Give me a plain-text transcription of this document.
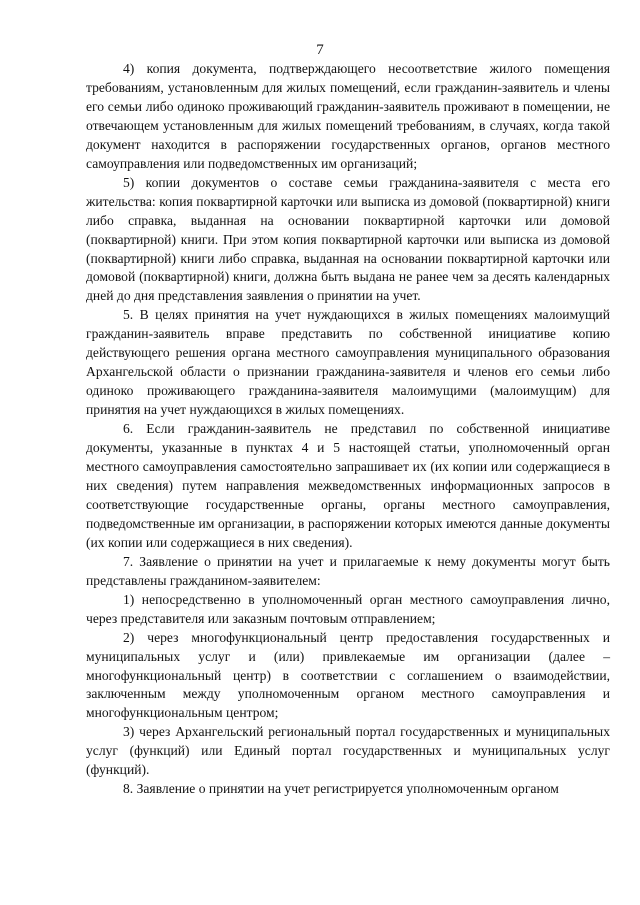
7

4) копия документа, подтверждающего несоответствие жилого помещения требованиям, установленным для жилых помещений, если гражданин-заявитель и члены его семьи либо одиноко проживающий гражданин-заявитель проживают в помещении, не отвечающем установленным для жилых помещений требованиям, в случаях, когда такой документ находится в распоряжении государственных органов, органов местного самоуправления или подведомственных им организаций;

5) копии документов о составе семьи гражданина-заявителя с места его жительства: копия поквартирной карточки или выписка из домовой (поквартирной) книги либо справка, выданная на основании поквартирной карточки или домовой (поквартирной) книги. При этом копия поквартирной карточки или выписка из домовой (поквартирной) книги либо справка, выданная на основании поквартирной карточки или домовой (поквартирной) книги, должна быть выдана не ранее чем за десять календарных дней до дня представления заявления о принятии на учет.

5. В целях принятия на учет нуждающихся в жилых помещениях малоимущий гражданин-заявитель вправе представить по собственной инициативе копию действующего решения органа местного самоуправления муниципального образования Архангельской области о признании гражданина-заявителя и членов его семьи либо одиноко проживающего гражданина-заявителя малоимущими (малоимущим) для принятия на учет нуждающихся в жилых помещениях.

6. Если гражданин-заявитель не представил по собственной инициативе документы, указанные в пунктах 4 и 5 настоящей статьи, уполномоченный орган местного самоуправления самостоятельно запрашивает их (их копии или содержащиеся в них сведения) путем направления межведомственных информационных запросов в соответствующие государственные органы, органы местного самоуправления, подведомственные им организации, в распоряжении которых имеются данные документы (их копии или содержащиеся в них сведения).

7. Заявление о принятии на учет и прилагаемые к нему документы могут быть представлены гражданином-заявителем:

1) непосредственно в уполномоченный орган местного самоуправления лично, через представителя или заказным почтовым отправлением;

2) через многофункциональный центр предоставления государственных и муниципальных услуг и (или) привлекаемые им организации (далее – многофункциональный центр) в соответствии с соглашением о взаимодействии, заключенным между уполномоченным органом местного самоуправления и многофункциональным центром;

3) через Архангельский региональный портал государственных и муниципальных услуг (функций) или Единый портал государственных и муниципальных услуг (функций).

8. Заявление о принятии на учет регистрируется уполномоченным органом
